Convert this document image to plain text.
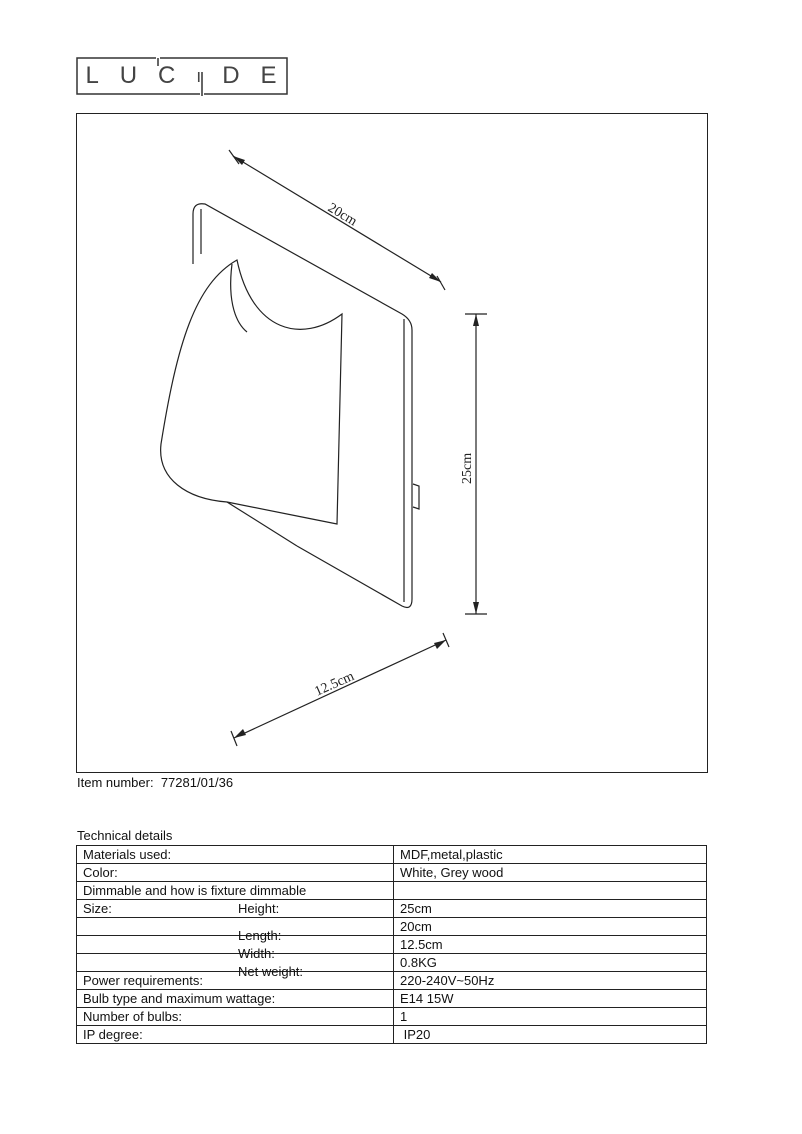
L U C ı D E
20cm
25cm
12.5cm
Item number: 77281/01/36
Technical details
Materials used:	MDF,metal,plastic
Color:	White, Grey wood
Dimmable and how is fixture dimmable

Size: Height:	25cm

Length:	20cm

Width:	12.5cm

Net weight:	0.8KG
Power requirements:	220-240V~50Hz
Bulb type and maximum wattage:	E14 15W
Number of bulbs:	1
IP degree:	IP20
